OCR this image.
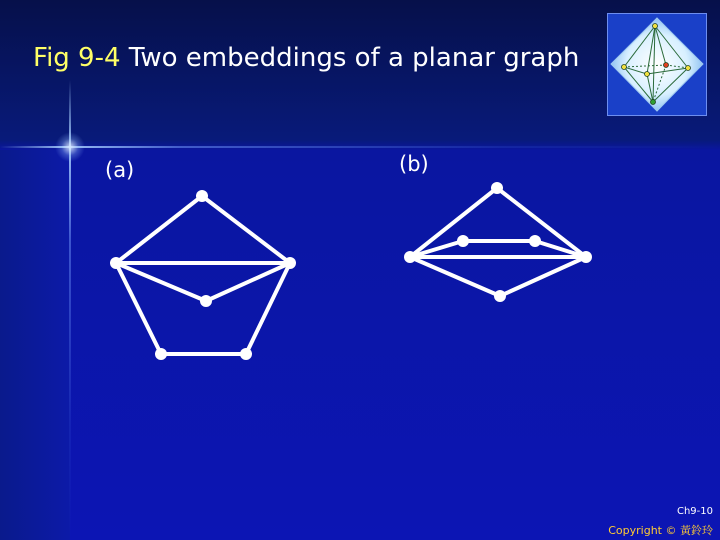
Fig 9-4 Two embeddings of a planar graph
(a)	(b)
Ch9-10
Copyright © 黃鈴玲
